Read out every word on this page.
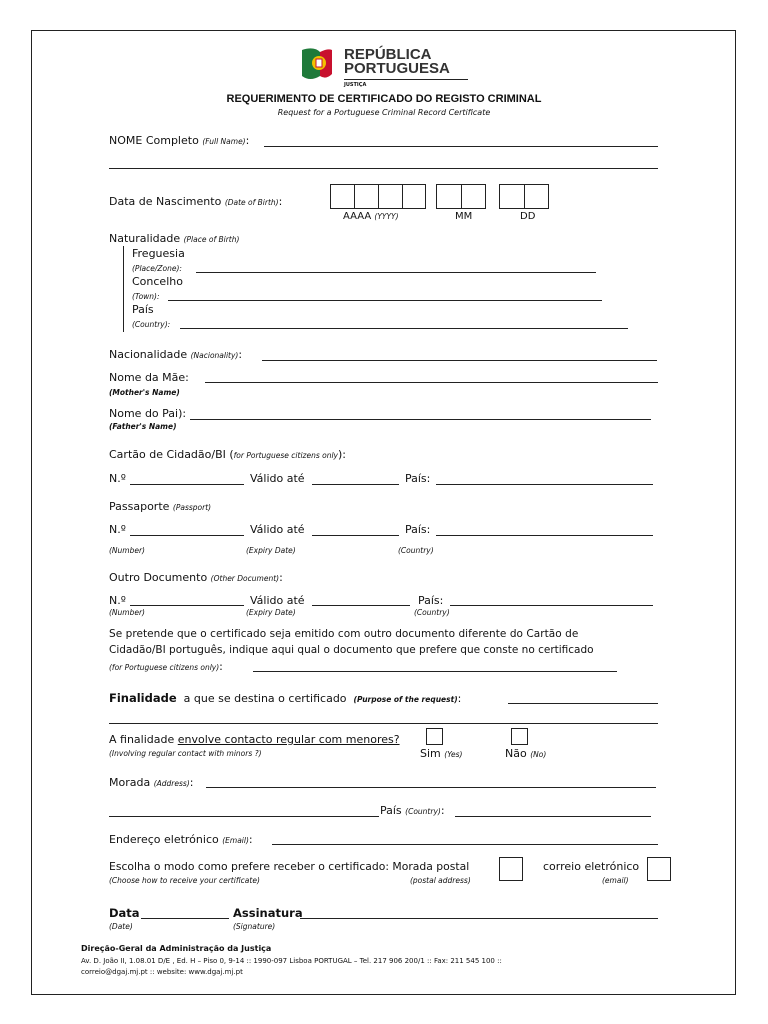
REPÚBLICA
PORTUGUESA
JUSTIÇA
REQUERIMENTO DE CERTIFICADO DO REGISTO CRIMINAL
Request for a Portuguese Criminal Record Certificate
NOME Completo (Full Name):
Data de Nascimento (Date of Birth):
AAAA (YYYY)	MM	DD
Naturalidade (Place of Birth)
Freguesia
(Place/Zone):
Concelho
(Town):
País
(Country):
Nacionalidade (Nacionality):
Nome da Mãe:
(Mother's Name)
Nome do Pai):
(Father's Name)
Cartão de Cidadão/BI (for Portuguese citizens only):
N.º	Válido até	País:
Passaporte (Passport)
N.º	Válido até	País:
(Number)	(Expiry Date)	(Country)
Outro Documento (Other Document):
N.º	Válido até	País:
(Number)	(Expiry Date)	(Country)
Se pretende que o certificado seja emitido com outro documento diferente do Cartão de
Cidadão/BI português, indique aqui qual o documento que prefere que conste no certificado
(for Portuguese citizens only):
Finalidade a que se destina o certificado (Purpose of the request):
A finalidade envolve contacto regular com menores?
(Involving regular contact with minors ?)	Sim (Yes)	Não (No)
Morada (Address):
País (Country):
Endereço eletrónico (Email):
Escolha o modo como prefere receber o certificado: Morada postal
(Choose how to receive your certificate)	(postal address)
correio eletrónico
(email)
Data	Assinatura
(Date)	(Signature)
Direção-Geral da Administração da Justiça
Av. D. João II, 1.08.01 D/E , Ed. H – Piso 0, 9-14 :: 1990-097 Lisboa PORTUGAL – Tel. 217 906 200/1 :: Fax: 211 545 100 ::
correio@dgaj.mj.pt :: website: www.dgaj.mj.pt
